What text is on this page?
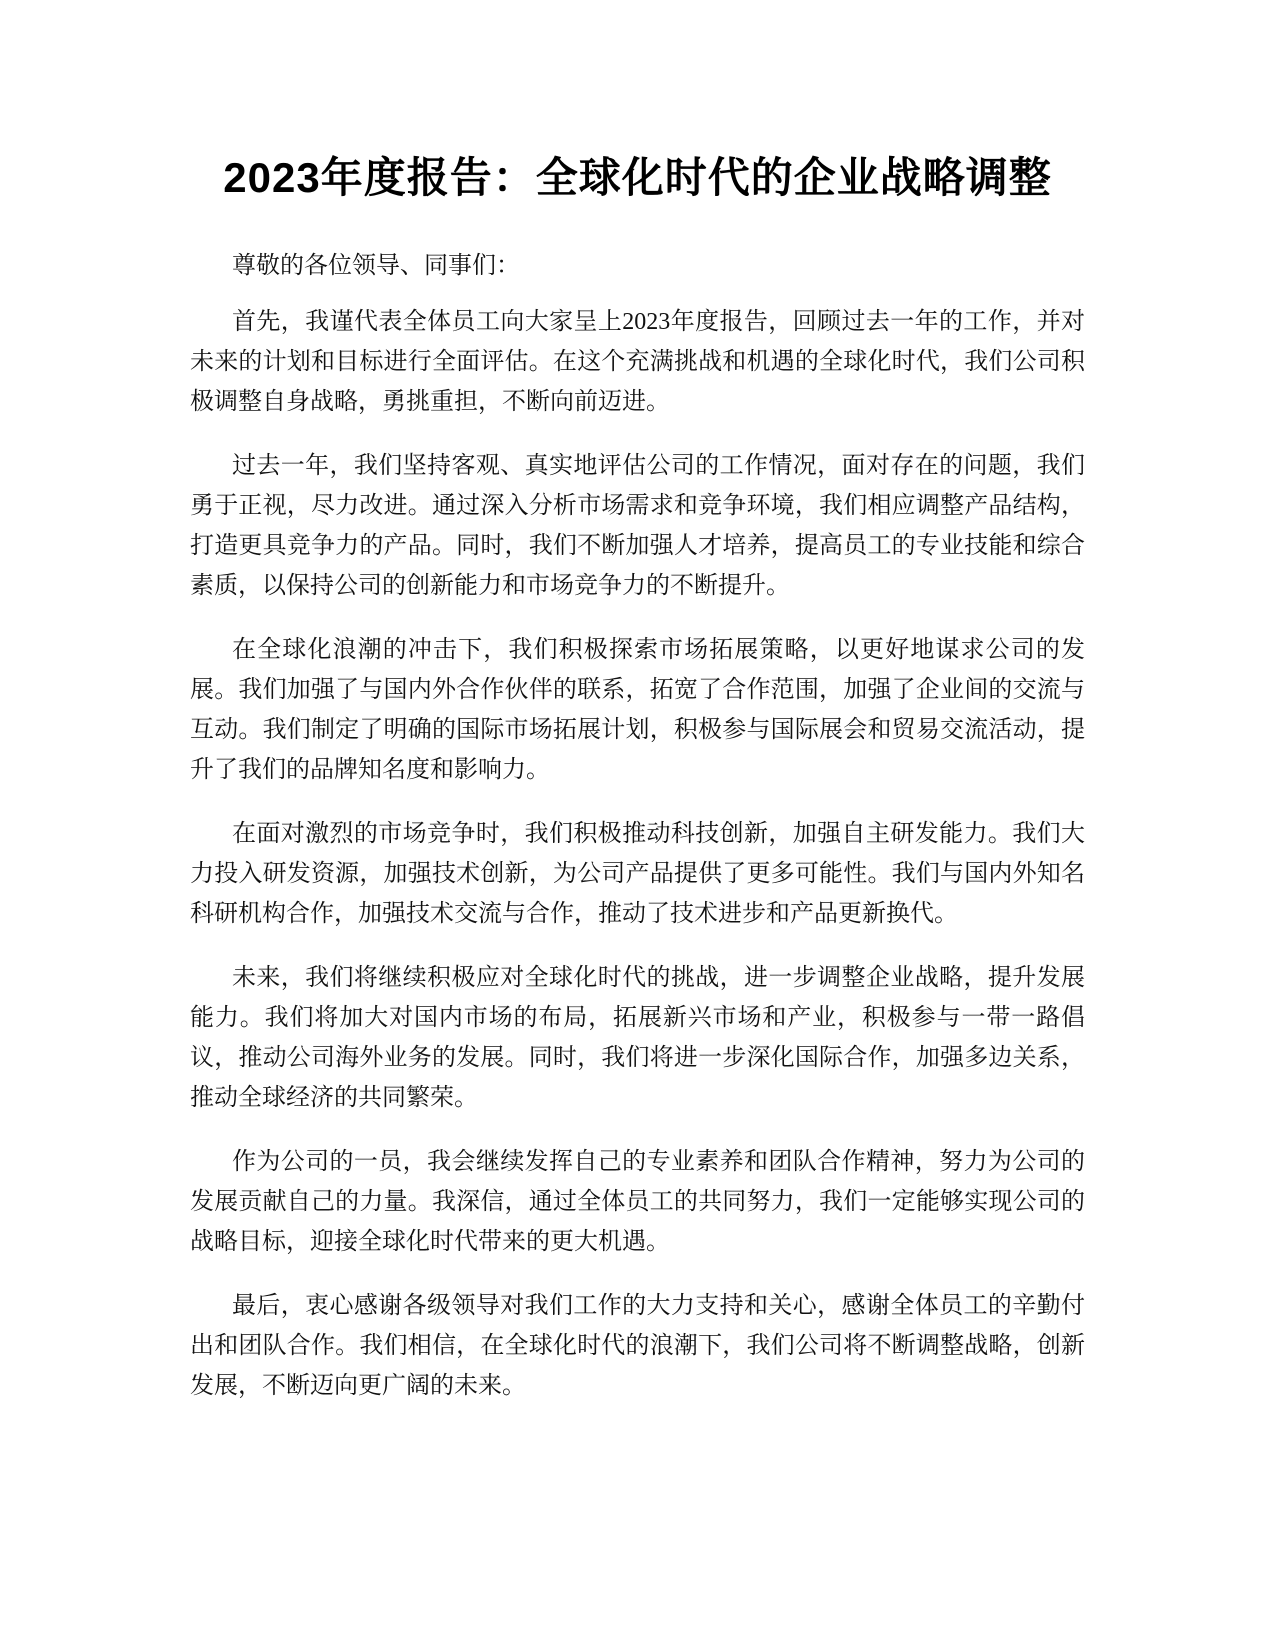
2023年度报告：全球化时代的企业战略调整

尊敬的各位领导、同事们：

首先，我谨代表全体员工向大家呈上2023年度报告，回顾过去一年的工作，并对未来的计划和目标进行全面评估。在这个充满挑战和机遇的全球化时代，我们公司积极调整自身战略，勇挑重担，不断向前迈进。

过去一年，我们坚持客观、真实地评估公司的工作情况，面对存在的问题，我们勇于正视，尽力改进。通过深入分析市场需求和竞争环境，我们相应调整产品结构，打造更具竞争力的产品。同时，我们不断加强人才培养，提高员工的专业技能和综合素质，以保持公司的创新能力和市场竞争力的不断提升。

在全球化浪潮的冲击下，我们积极探索市场拓展策略，以更好地谋求公司的发展。我们加强了与国内外合作伙伴的联系，拓宽了合作范围，加强了企业间的交流与互动。我们制定了明确的国际市场拓展计划，积极参与国际展会和贸易交流活动，提升了我们的品牌知名度和影响力。

在面对激烈的市场竞争时，我们积极推动科技创新，加强自主研发能力。我们大力投入研发资源，加强技术创新，为公司产品提供了更多可能性。我们与国内外知名科研机构合作，加强技术交流与合作，推动了技术进步和产品更新换代。

未来，我们将继续积极应对全球化时代的挑战，进一步调整企业战略，提升发展能力。我们将加大对国内市场的布局，拓展新兴市场和产业，积极参与一带一路倡议，推动公司海外业务的发展。同时，我们将进一步深化国际合作，加强多边关系，推动全球经济的共同繁荣。

作为公司的一员，我会继续发挥自己的专业素养和团队合作精神，努力为公司的发展贡献自己的力量。我深信，通过全体员工的共同努力，我们一定能够实现公司的战略目标，迎接全球化时代带来的更大机遇。

最后，衷心感谢各级领导对我们工作的大力支持和关心，感谢全体员工的辛勤付出和团队合作。我们相信，在全球化时代的浪潮下，我们公司将不断调整战略，创新发展，不断迈向更广阔的未来。
